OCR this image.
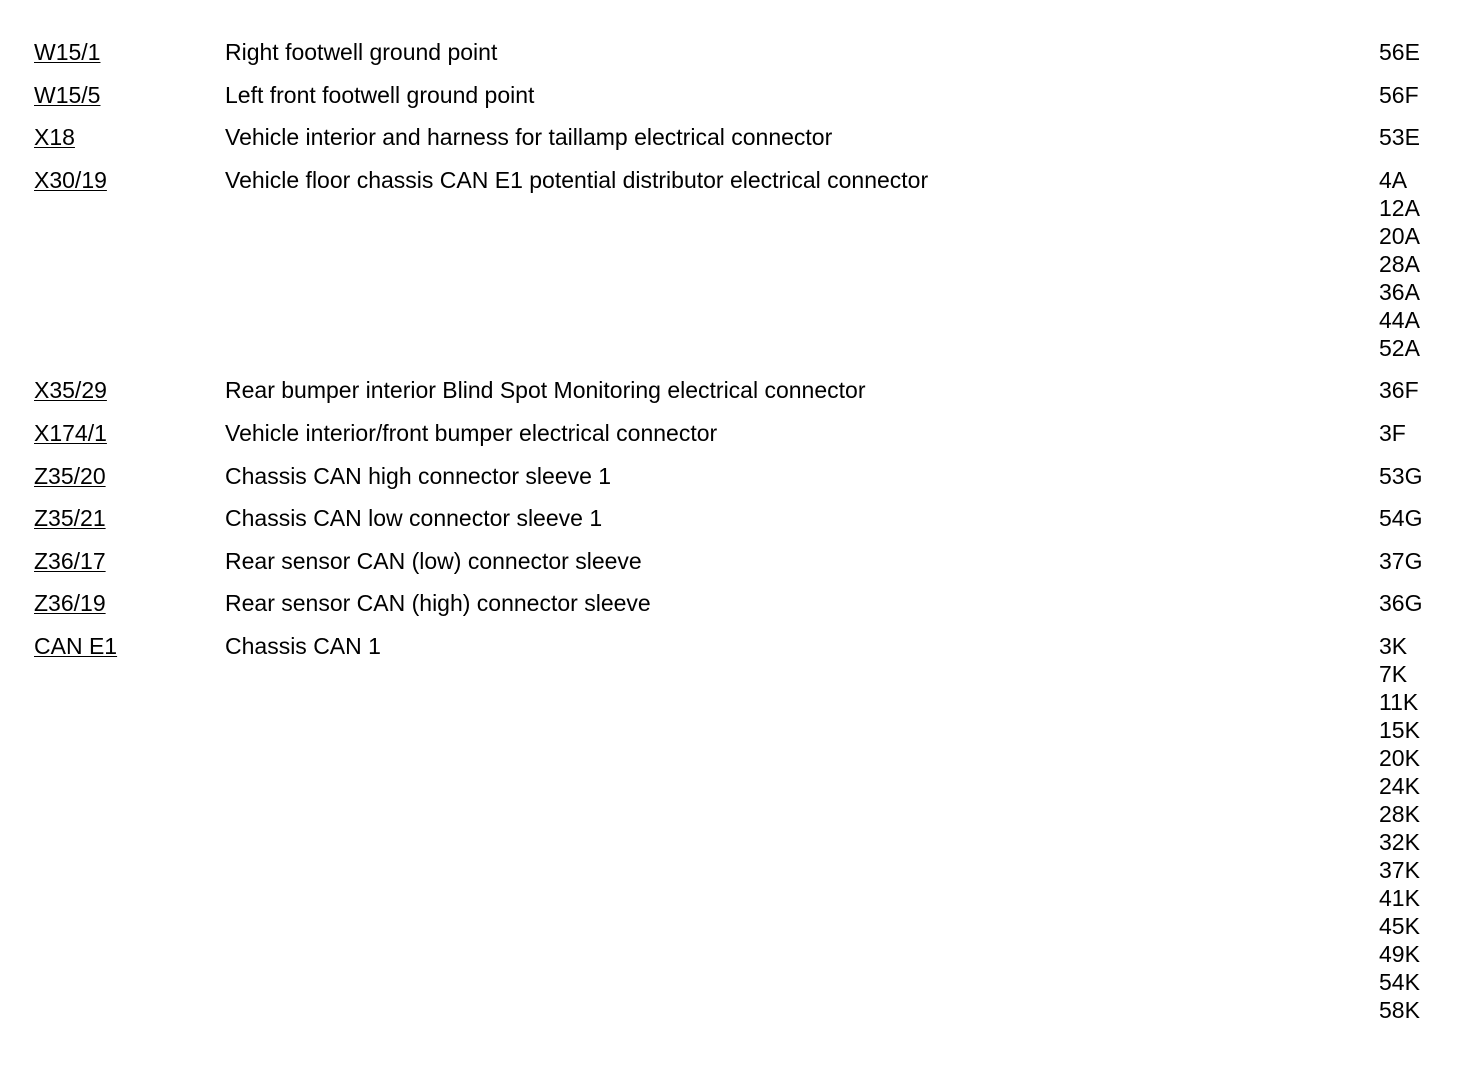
W15/1	Right footwell ground point	56E
W15/5	Left front footwell ground point	56F
X18	Vehicle interior and harness for taillamp electrical connector	53E
X30/19	Vehicle floor chassis CAN E1 potential distributor electrical connector	4A
12A
20A
28A
36A
44A
52A
X35/29	Rear bumper interior Blind Spot Monitoring electrical connector	36F
X174/1	Vehicle interior/front bumper electrical connector	3F
Z35/20	Chassis CAN high connector sleeve 1	53G
Z35/21	Chassis CAN low connector sleeve 1	54G
Z36/17	Rear sensor CAN (low) connector sleeve	37G
Z36/19	Rear sensor CAN (high) connector sleeve	36G
CAN E1	Chassis CAN 1	3K
7K
11K
15K
20K
24K
28K
32K
37K
41K
45K
49K
54K
58K
